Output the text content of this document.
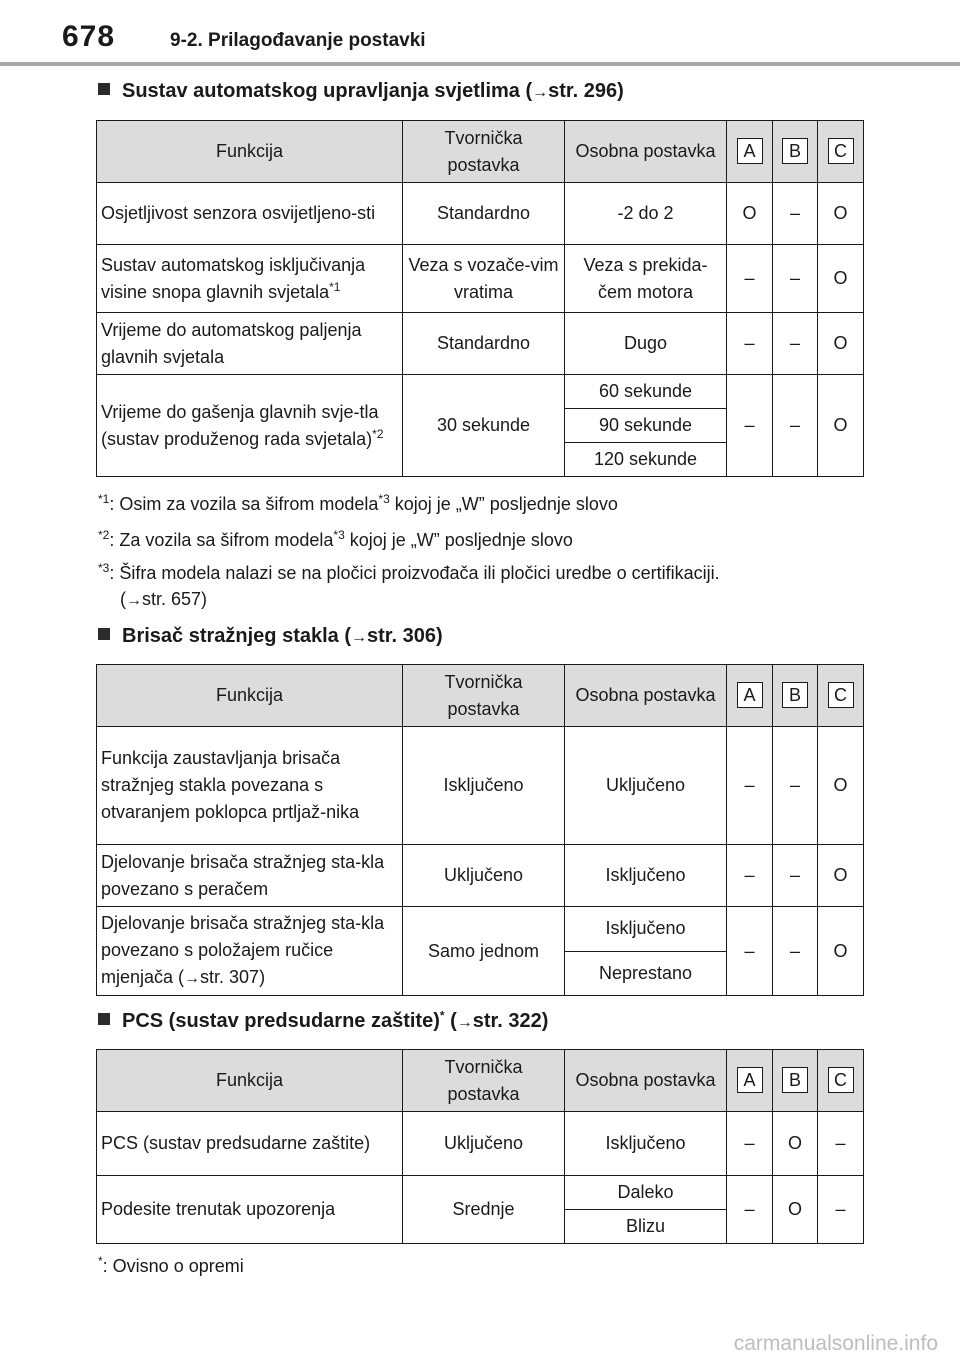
678	9-2. Prilagođavanje postavki
Sustav automatskog upravljanja svjetlima (→str. 296)
Funkcija	Tvornička postavka	Osobna postavka	A	B	C
Osjetljivost senzora osvijetljeno-sti	Standardno	-2 do 2	O	–	O
Sustav automatskog isključivanja visine snopa glavnih svjetala$^{*1}$	Veza s vozače-vim vratima	Veza s prekida-čem motora	–	–	O
Vrijeme do automatskog paljenja glavnih svjetala	Standardno	Dugo	–	–	O
Vrijeme do gašenja glavnih svje-tla (sustav produženog rada svjetala)$^{*2}$	30 sekunde	60 sekunde	–	–	O
		90 sekunde			
		120 sekunde			
$^{*1}$: Osim za vozila sa šifrom modela$^{*3}$ kojoj je „W” posljednje slovo
$^{*2}$: Za vozila sa šifrom modela$^{*3}$ kojoj je „W” posljednje slovo
$^{*3}$: Šifra modela nalazi se na pločici proizvođača ili pločici uredbe o certifikaciji.
(→str. 657)
Brisač stražnjeg stakla (→str. 306)
Funkcija	Tvornička postavka	Osobna postavka	A	B	C
Funkcija zaustavljanja brisača stražnjeg stakla povezana s otvaranjem poklopca prtljaž-nika	Isključeno	Uključeno	–	–	O
Djelovanje brisača stražnjeg sta-kla povezano s peračem	Uključeno	Isključeno	–	–	O
Djelovanje brisača stražnjeg sta-kla povezano s položajem ručice mjenjača (→str. 307)	Samo jednom	Isključeno	–	–	O
		Neprestano			
PCS (sustav predsudarne zaštite)* (→str. 322)
Funkcija	Tvornička postavka	Osobna postavka	A	B	C
PCS (sustav predsudarne zaštite)	Uključeno	Isključeno	–	O	–
Podesite trenutak upozorenja	Srednje	Daleko	–	O	–
		Blizu			
*: Ovisno o opremi
carmanualsonline.info
